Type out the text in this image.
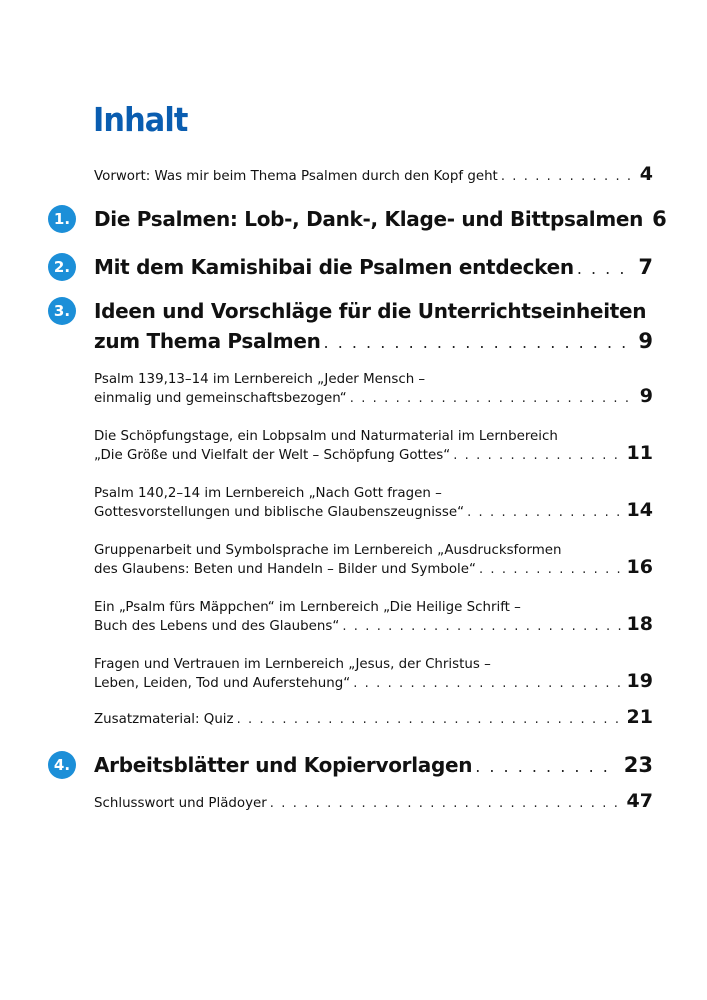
Inhalt
Vorwort: Was mir beim Thema Psalmen durch den Kopf geht . . .	4
1. Die Psalmen: Lob-, Dank-, Klage- und Bittpsalmen 6
2. Mit dem Kamishibai die Psalmen entdecken . . .	7
3. Ideen und Vorschläge für die Unterrichtseinheiten
zum Thema Psalmen . . .	9
Psalm 139,13–14 im Lernbereich „Jeder Mensch –
einmalig und gemeinschaftsbezogen“ . . .	9
Die Schöpfungstage, ein Lobpsalm und Naturmaterial im Lernbereich
„Die Größe und Vielfalt der Welt – Schöpfung Gottes“ . . .	11
Psalm 140,2–14 im Lernbereich „Nach Gott fragen –
Gottesvorstellungen und biblische Glaubenszeugnisse“ . . .	14
Gruppenarbeit und Symbolsprache im Lernbereich „Ausdrucksformen
des Glaubens: Beten und Handeln – Bilder und Symbole“ . . .	16
Ein „Psalm fürs Mäppchen“ im Lernbereich „Die Heilige Schrift –
Buch des Lebens und des Glaubens“ . . .	18
Fragen und Vertrauen im Lernbereich „Jesus, der Christus –
Leben, Leiden, Tod und Auferstehung“ . . .	19
Zusatzmaterial: Quiz . . .	21
4. Arbeitsblätter und Kopiervorlagen . . .	23
Schlusswort und Plädoyer . . .	47
